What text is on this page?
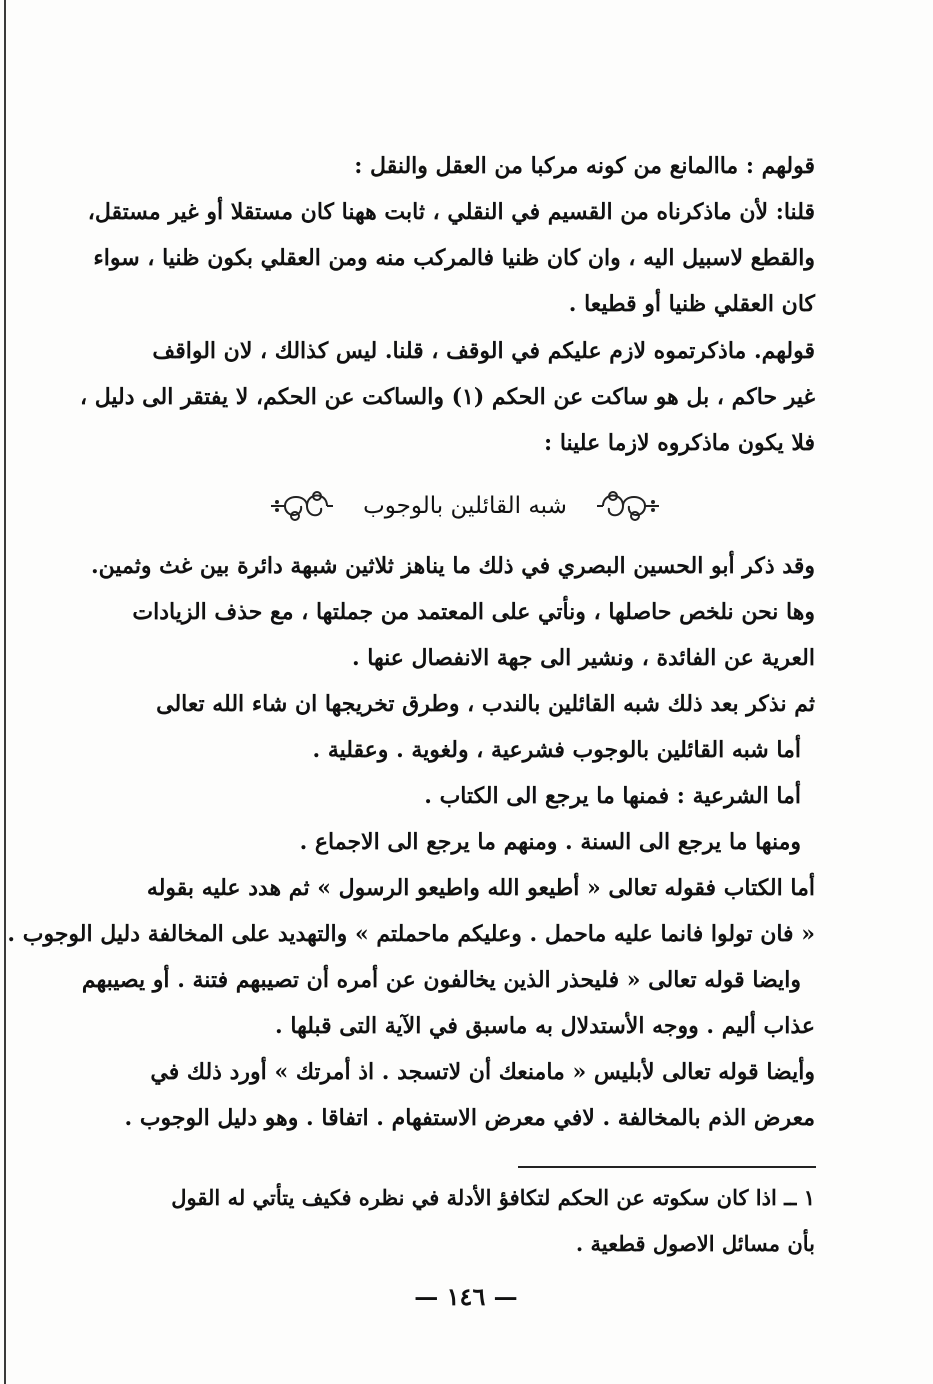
قولهم : ماالمانع من كونه مركبا من العقل والنقل :
قلنا: لأن ماذكرناه من القسيم في النقلي ، ثابت ههنا كان مستقلا أو غير مستقل،
والقطع لاسبيل اليه ، وان كان ظنيا فالمركب منه ومن العقلي بكون ظنيا ، سواء
كان العقلي ظنيا أو قطيعا .
قولهم. ماذكرتموه لازم عليكم في الوقف ، قلنا. ليس كذالك ، لان الواقف
غير حاكم ، بل هو ساكت عن الحكم (١) والساكت عن الحكم، لا يفتقر الى دليل ،
فلا يكون ماذكروه لازما علينا :
شبه القائلين بالوجوب
وقد ذكر أبو الحسين البصري في ذلك ما يناهز ثلاثين شبهة دائرة بين غث وثمين.
وها نحن نلخص حاصلها ، ونأتي على المعتمد من جملتها ، مع حذف الزيادات
العرية عن الفائدة ، ونشير الى جهة الانفصال عنها .
ثم نذكر بعد ذلك شبه القائلين بالندب ، وطرق تخريجها ان شاء الله تعالى
أما شبه القائلين بالوجوب فشرعية ، ولغوية . وعقلية .
أما الشرعية : فمنها ما يرجع الى الكتاب .
ومنها ما يرجع الى السنة . ومنهم ما يرجع الى الاجماع .
أما الكتاب فقوله تعالى « أطيعو الله واطيعو الرسول » ثم هدد عليه بقوله
« فان تولوا فانما عليه ماحمل . وعليكم ماحملتم » والتهديد على المخالفة دليل الوجوب .
وايضا قوله تعالى « فليحذر الذين يخالفون عن أمره أن تصيبهم فتنة . أو يصيبهم
عذاب أليم . ووجه الأستدلال به ماسبق في الآية التى قبلها .
وأيضا قوله تعالى لأبليس « مامنعك أن لاتسجد . اذ أمرتك » أورد ذلك في
معرض الذم بالمخالفة . لافي معرض الاستفهام . اتفاقا . وهو دليل الوجوب .
١ ــ اذا كان سكوته عن الحكم لتكافؤ الأدلة في نظره فكيف يتأتي له القول
بأن مسائل الاصول قطعية .
— ١٤٦ —
